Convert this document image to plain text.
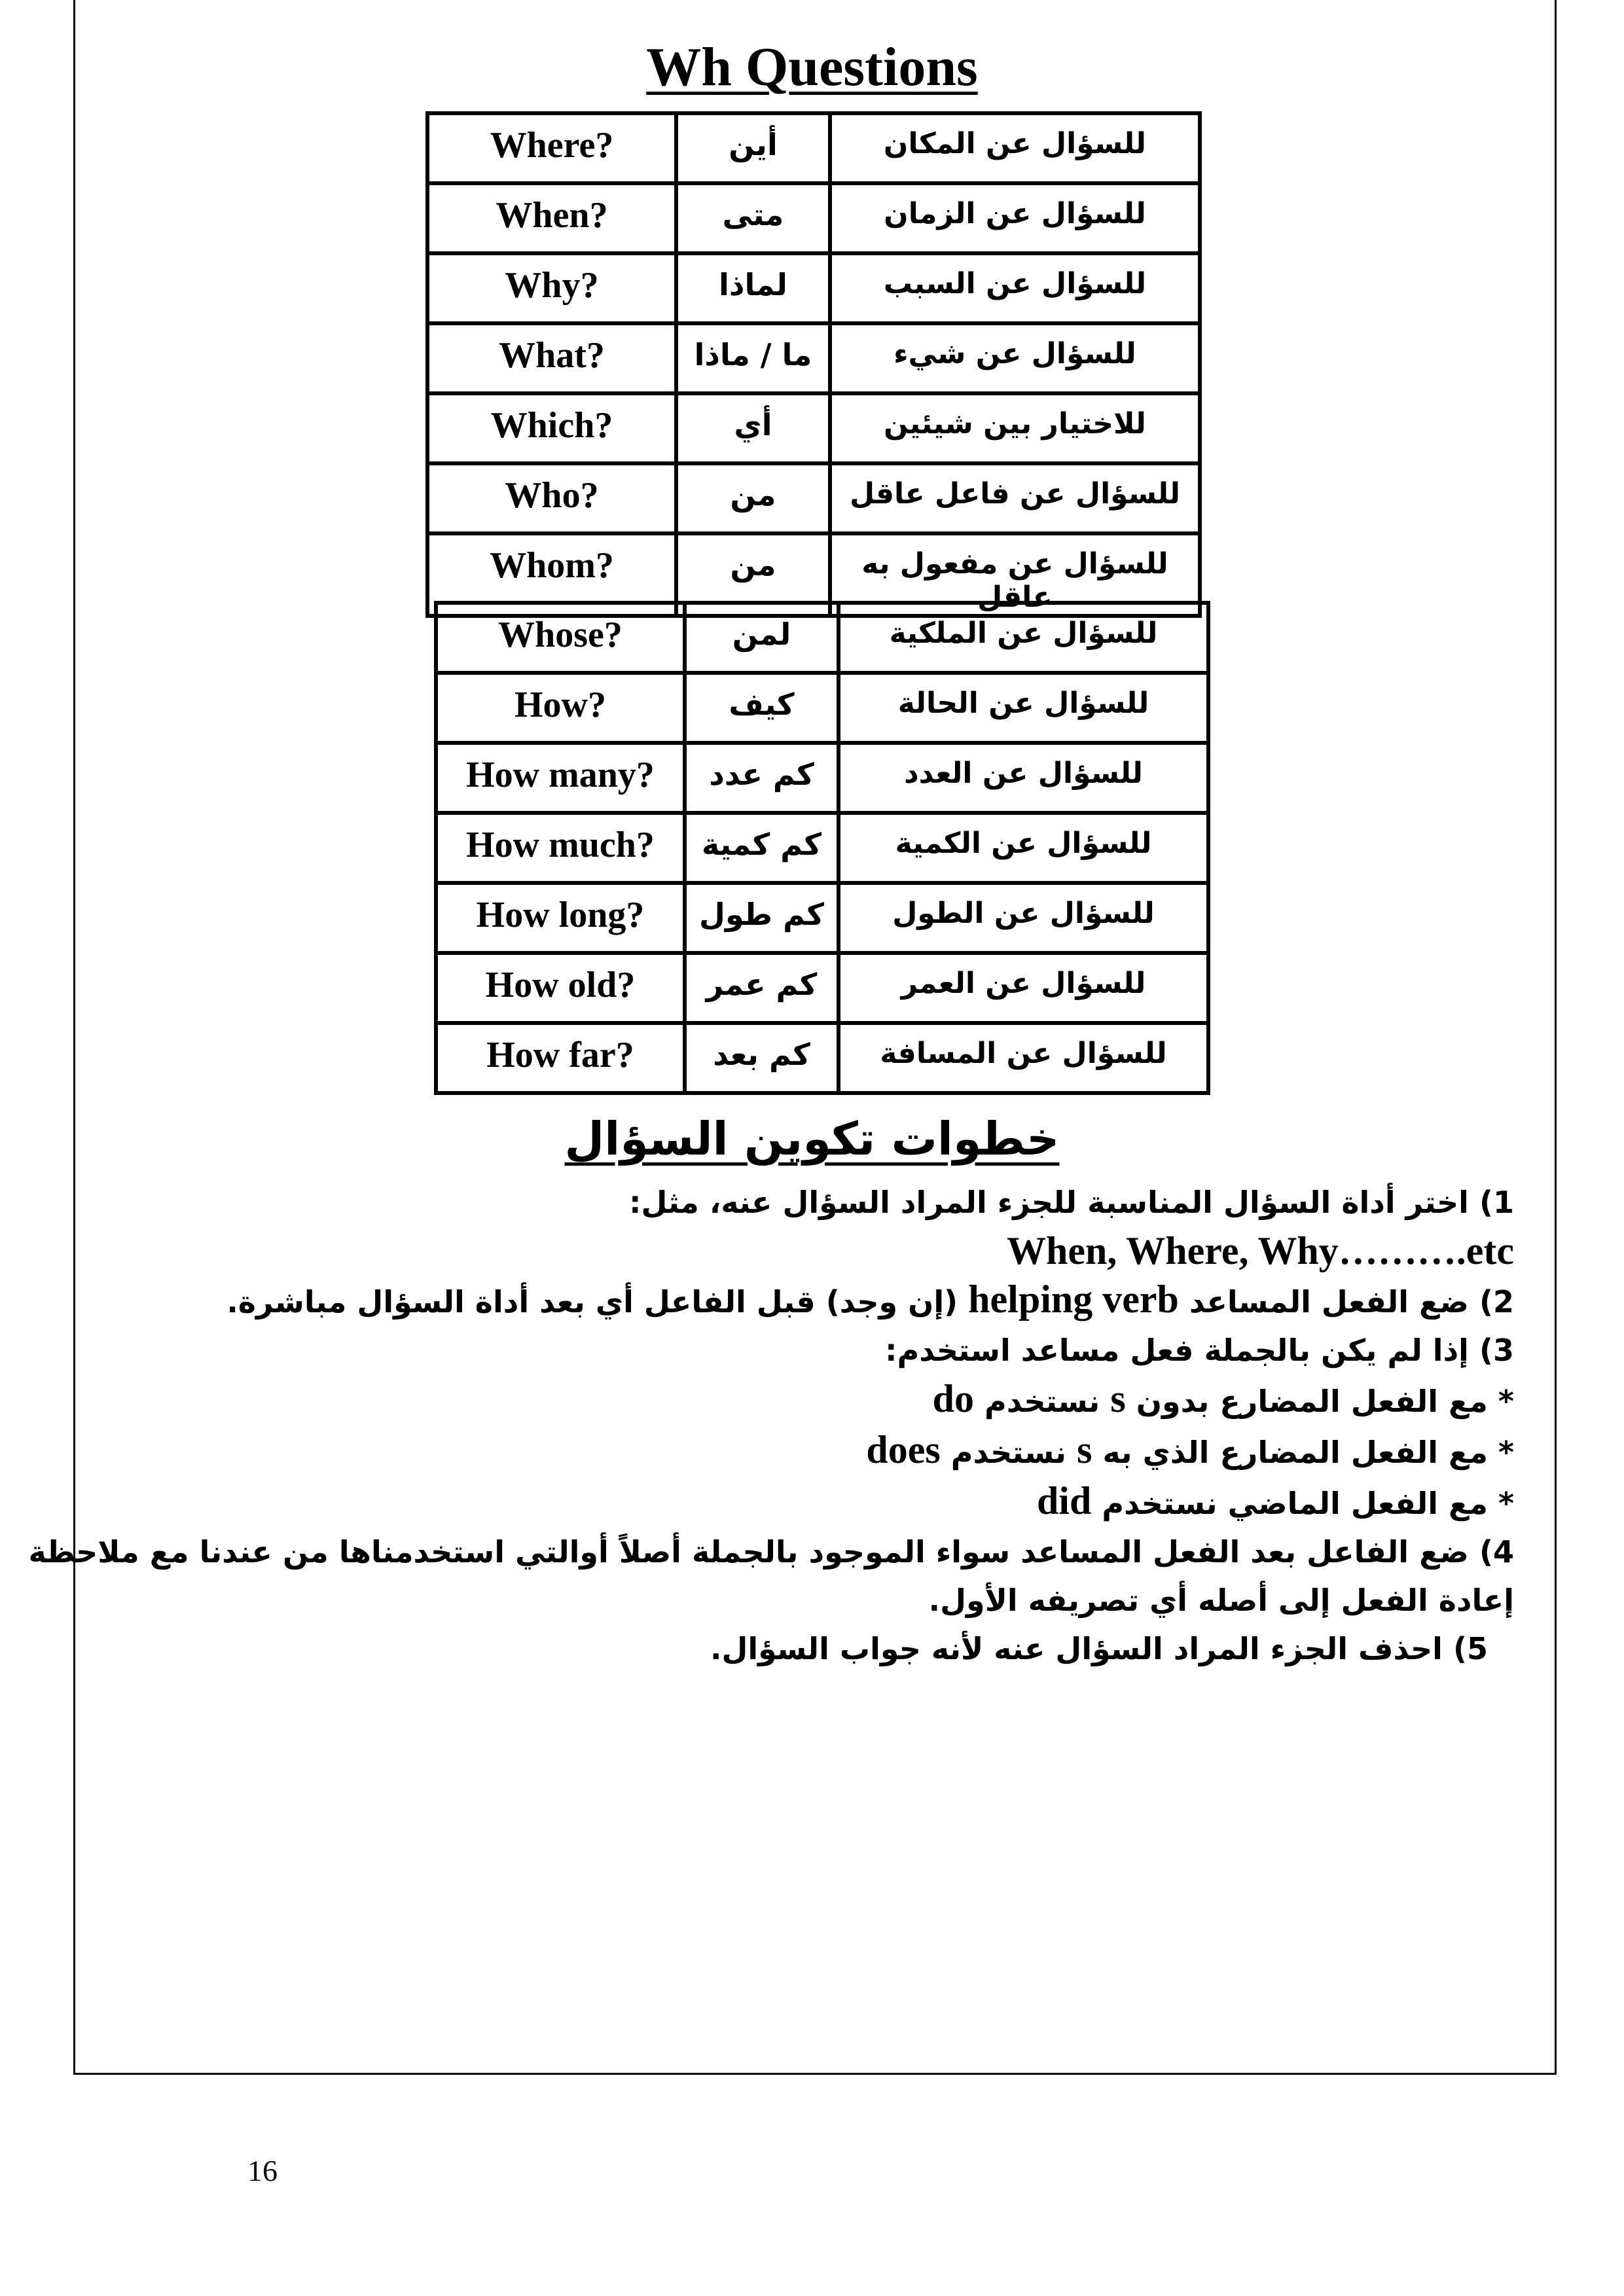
Wh Questions
Where?	أين	للسؤال عن المكان
When?	متى	للسؤال عن الزمان
Why?	لماذا	للسؤال عن السبب
What?	ما / ماذا	للسؤال عن شيء
Which?	أي	للاختيار بين شيئين
Who?	من	للسؤال عن فاعل عاقل
Whom?	من	للسؤال عن مفعول به عاقل
Whose?	لمن	للسؤال عن الملكية
How?	كيف	للسؤال عن الحالة
How many?	كم عدد	للسؤال عن العدد
How much?	كم كمية	للسؤال عن الكمية
How long?	كم طول	للسؤال عن الطول
How old?	كم عمر	للسؤال عن العمر
How far?	كم بعد	للسؤال عن المسافة
خطوات تكوين السؤال
1) اختر أداة السؤال المناسبة للجزء المراد السؤال عنه، مثل:
When, Where, Why……….etc
2) ضع الفعل المساعد helping verb (إن وجد) قبل الفاعل أي بعد أداة السؤال مباشرة.
3) إذا لم يكن بالجملة فعل مساعد استخدم:
* مع الفعل المضارع بدون s نستخدم do
* مع الفعل المضارع الذي به s نستخدم does
* مع الفعل الماضي نستخدم did
4) ضع الفاعل بعد الفعل المساعد سواء الموجود بالجملة أصلاً أوالتي استخدمناها من عندنا مع ملاحظة
إعادة الفعل إلى أصله أي تصريفه الأول.
5) احذف الجزء المراد السؤال عنه لأنه جواب السؤال.
16
